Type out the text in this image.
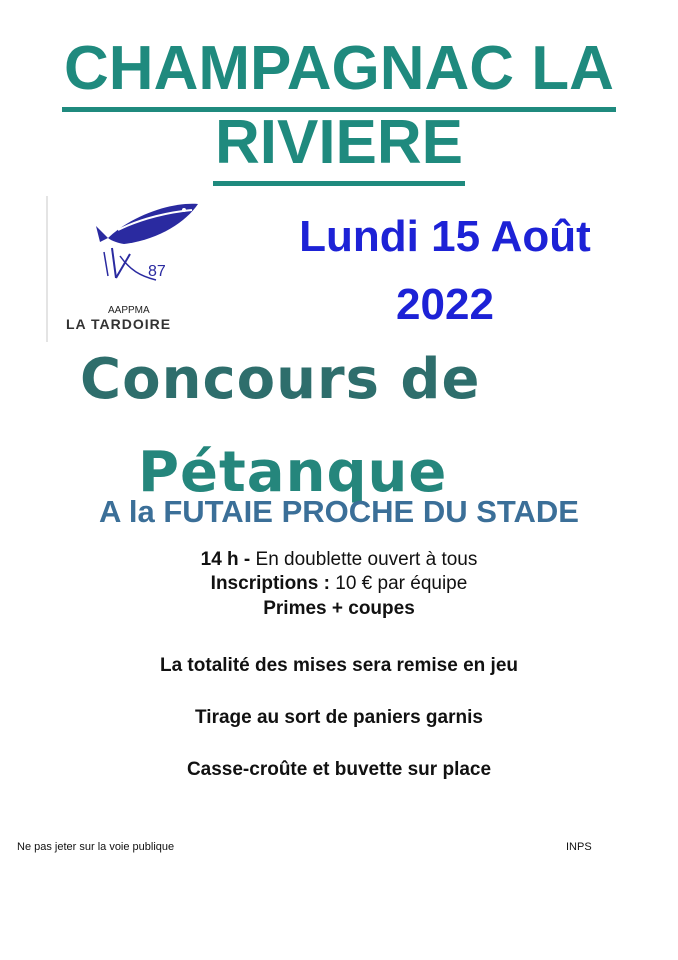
CHAMPAGNAC LA
RIVIERE
87
AAPPMA
LA TARDOIRE
Lundi 15 Août
2022
Concours de
Pétanque
A la FUTAIE PROCHE DU STADE
14 h - En doublette ouvert à tous
Inscriptions : 10 € par équipe
Primes + coupes
La totalité des mises sera remise en jeu
Tirage au sort de paniers garnis
Casse-croûte et buvette sur place
Ne pas jeter sur la voie publique	INPS
